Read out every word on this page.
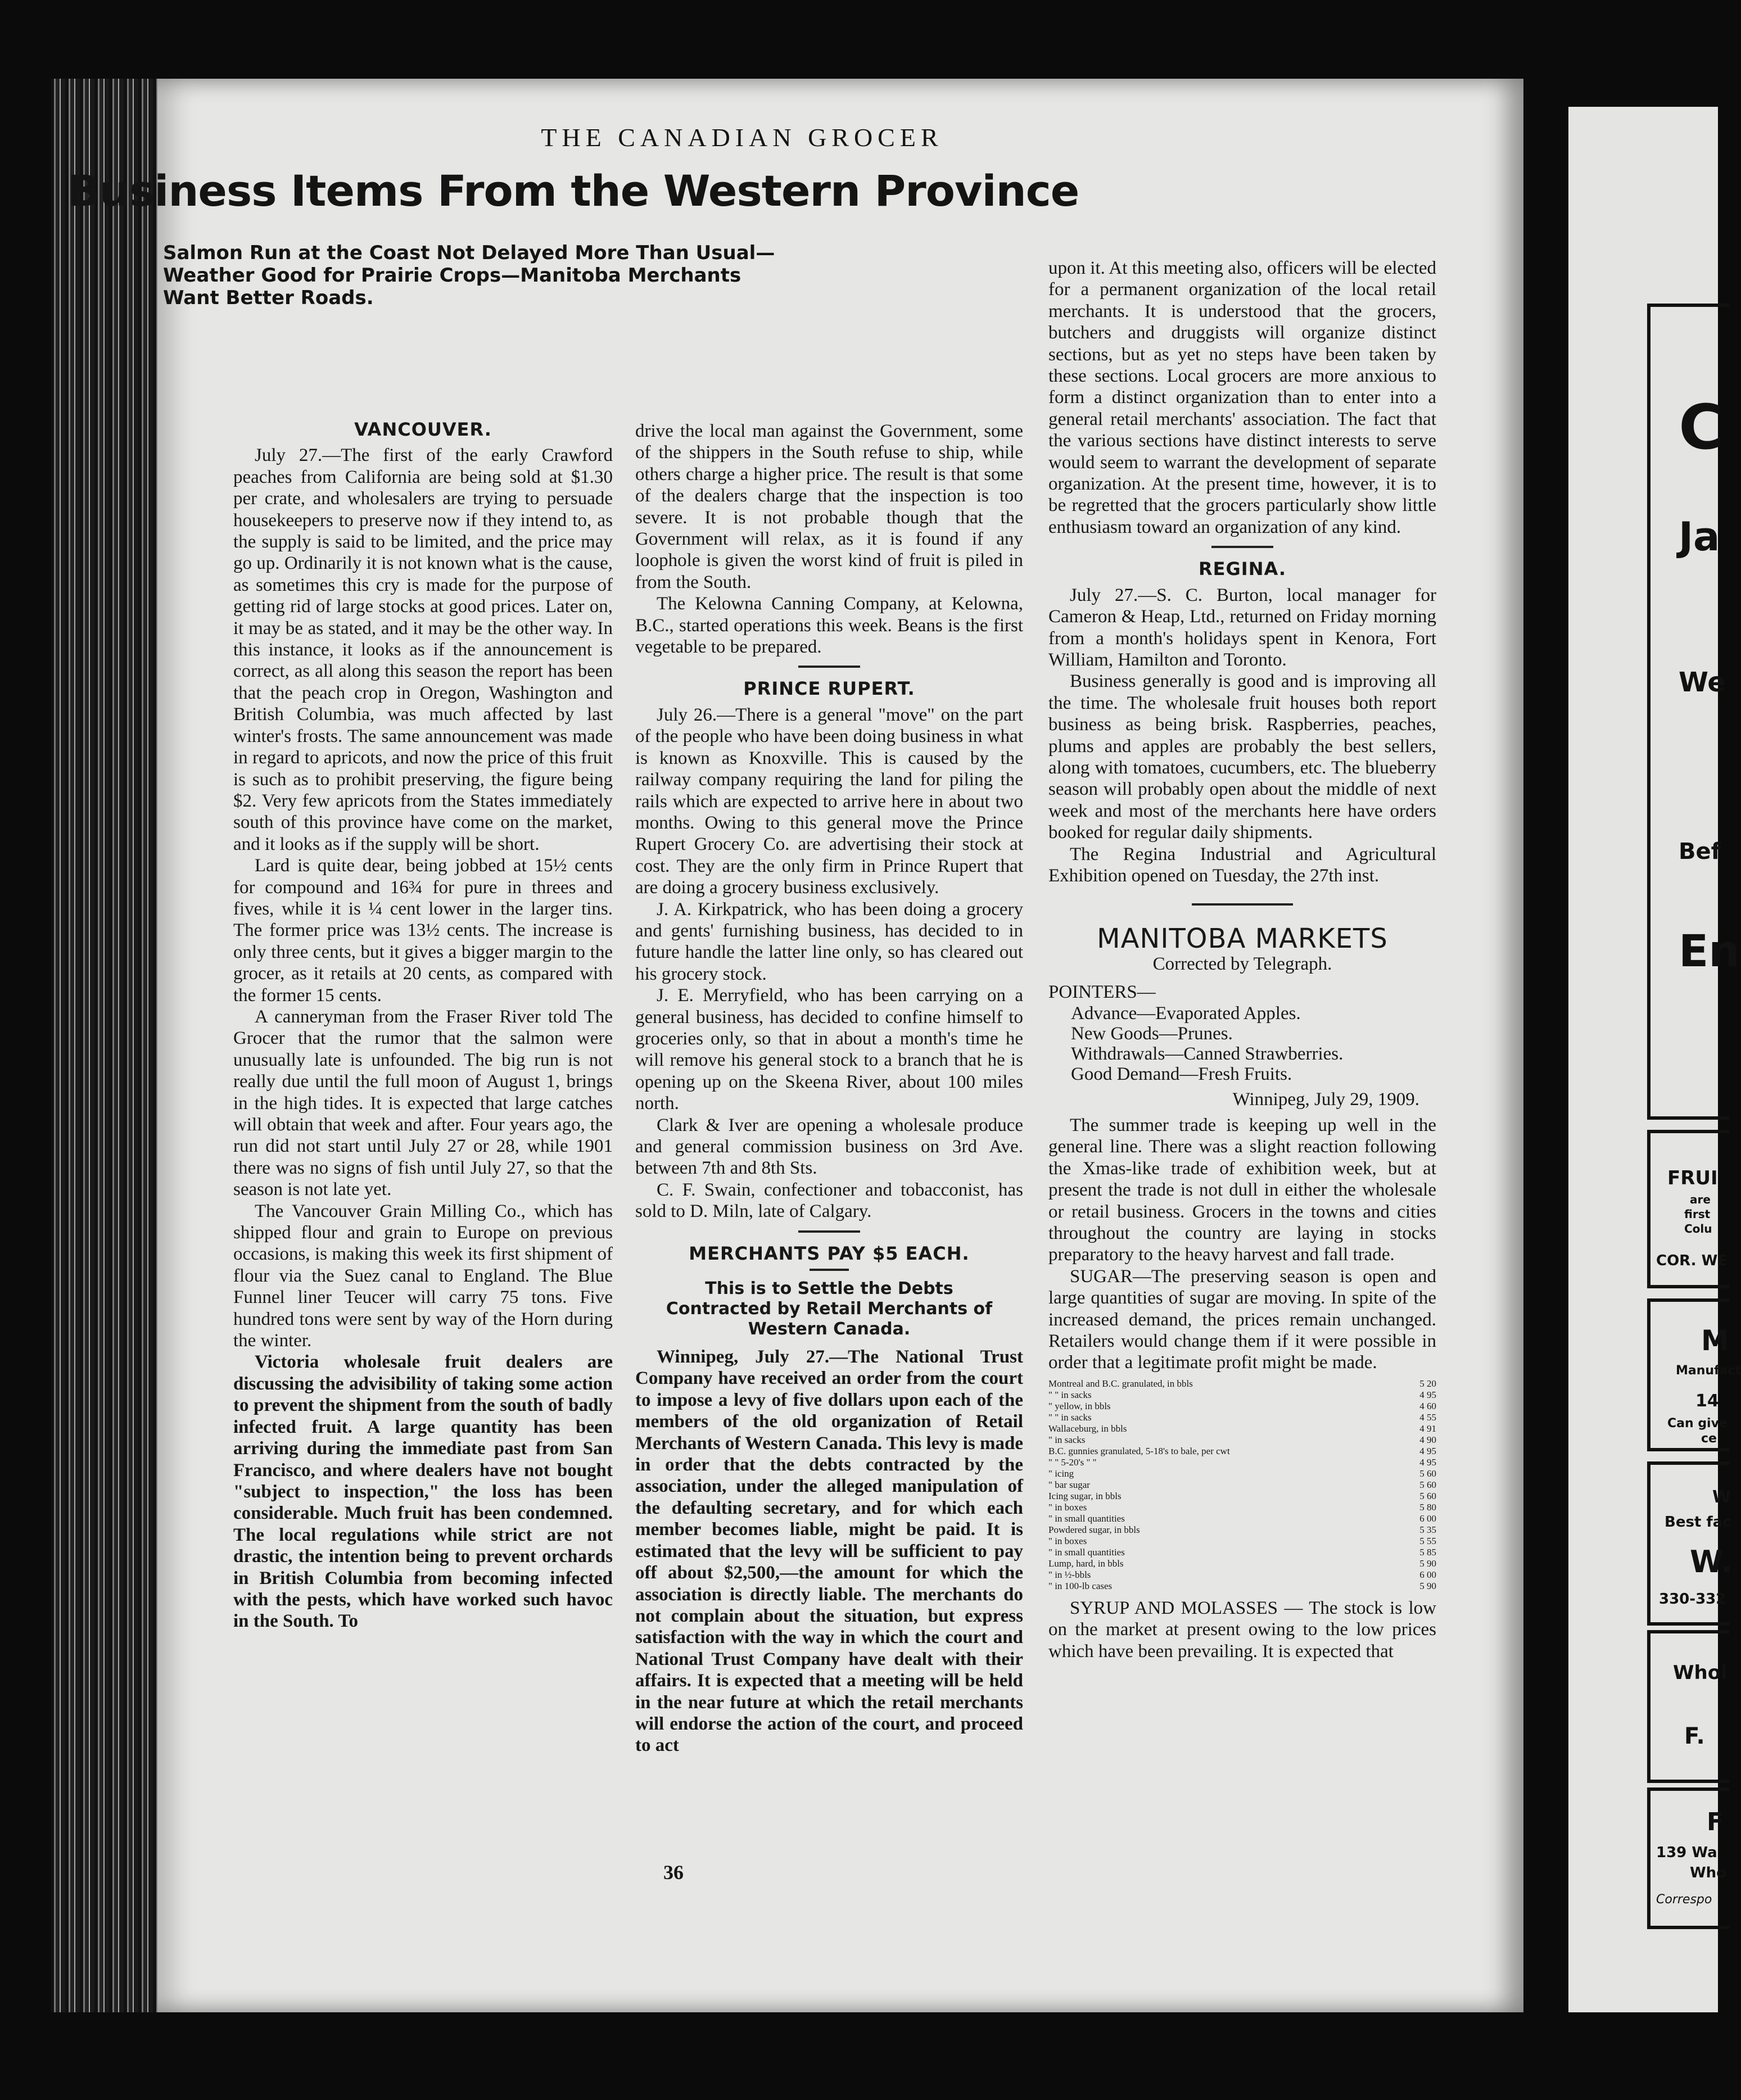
THE CANADIAN GROCER
Business Items From the Western Province
Salmon Run at the Coast Not Delayed More Than Usual—Weather Good for Prairie Crops—Manitoba Merchants Want Better Roads.
VANCOUVER.

July 27.—The first of the early Crawford peaches from California are being sold at $1.30 per crate, and wholesalers are trying to persuade housekeepers to preserve now if they intend to, as the supply is said to be limited, and the price may go up. Ordinarily it is not known what is the cause, as sometimes this cry is made for the purpose of getting rid of large stocks at good prices. Later on, it may be as stated, and it may be the other way. In this instance, it looks as if the announcement is correct, as all along this season the report has been that the peach crop in Oregon, Washington and British Columbia, was much affected by last winter's frosts. The same announcement was made in regard to apricots, and now the price of this fruit is such as to prohibit preserving, the figure being $2. Very few apricots from the States immediately south of this province have come on the market, and it looks as if the supply will be short.

Lard is quite dear, being jobbed at 15½ cents for compound and 16¾ for pure in threes and fives, while it is ¼ cent lower in the larger tins. The former price was 13½ cents. The increase is only three cents, but it gives a bigger margin to the grocer, as it retails at 20 cents, as compared with the former 15 cents.

A canneryman from the Fraser River told The Grocer that the rumor that the salmon were unusually late is unfounded. The big run is not really due until the full moon of August 1, brings in the high tides. It is expected that large catches will obtain that week and after. Four years ago, the run did not start until July 27 or 28, while 1901 there was no signs of fish until July 27, so that the season is not late yet.

The Vancouver Grain Milling Co., which has shipped flour and grain to Europe on previous occasions, is making this week its first shipment of flour via the Suez canal to England. The Blue Funnel liner Teucer will carry 75 tons. Five hundred tons were sent by way of the Horn during the winter.

Victoria wholesale fruit dealers are discussing the advisibility of taking some action to prevent the shipment from the south of badly infected fruit. A large quantity has been arriving during the immediate past from San Francisco, and where dealers have not bought "subject to inspection," the loss has been considerable. Much fruit has been condemned. The local regulations while strict are not drastic, the intention being to prevent orchards in British Columbia from becoming infected with the pests, which have worked such havoc in the South. To

drive the local man against the Government, some of the shippers in the South refuse to ship, while others charge a higher price. The result is that some of the dealers charge that the inspection is too severe. It is not probable though that the Government will relax, as it is found if any loophole is given the worst kind of fruit is piled in from the South.

The Kelowna Canning Company, at Kelowna, B.C., started operations this week. Beans is the first vegetable to be prepared.

PRINCE RUPERT.

July 26.—There is a general "move" on the part of the people who have been doing business in what is known as Knoxville. This is caused by the railway company requiring the land for piling the rails which are expected to arrive here in about two months. Owing to this general move the Prince Rupert Grocery Co. are advertising their stock at cost. They are the only firm in Prince Rupert that are doing a grocery business exclusively.

J. A. Kirkpatrick, who has been doing a grocery and gents' furnishing business, has decided to in future handle the latter line only, so has cleared out his grocery stock.

J. E. Merryfield, who has been carrying on a general business, has decided to confine himself to groceries only, so that in about a month's time he will remove his general stock to a branch that he is opening up on the Skeena River, about 100 miles north.

Clark & Iver are opening a wholesale produce and general commission business on 3rd Ave. between 7th and 8th Sts.

C. F. Swain, confectioner and tobacconist, has sold to D. Miln, late of Calgary.

MERCHANTS PAY $5 EACH.
This is to Settle the Debts Contracted by Retail Merchants of Western Canada.

Winnipeg, July 27.—The National Trust Company have received an order from the court to impose a levy of five dollars upon each of the members of the old organization of Retail Merchants of Western Canada. This levy is made in order that the debts contracted by the association, under the alleged manipulation of the defaulting secretary, and for which each member becomes liable, might be paid. It is estimated that the levy will be sufficient to pay off about $2,500,—the amount for which the association is directly liable. The merchants do not complain about the situation, but express satisfaction with the way in which the court and National Trust Company have dealt with their affairs. It is expected that a meeting will be held in the near future at which the retail merchants will endorse the action of the court, and proceed to act

upon it. At this meeting also, officers will be elected for a permanent organization of the local retail merchants. It is understood that the grocers, butchers and druggists will organize distinct sections, but as yet no steps have been taken by these sections. Local grocers are more anxious to form a distinct organization than to enter into a general retail merchants' association. The fact that the various sections have distinct interests to serve would seem to warrant the development of separate organization. At the present time, however, it is to be regretted that the grocers particularly show little enthusiasm toward an organization of any kind.

REGINA.

July 27.—S. C. Burton, local manager for Cameron & Heap, Ltd., returned on Friday morning from a month's holidays spent in Kenora, Fort William, Hamilton and Toronto.

Business generally is good and is improving all the time. The wholesale fruit houses both report business as being brisk. Raspberries, peaches, plums and apples are probably the best sellers, along with tomatoes, cucumbers, etc. The blueberry season will probably open about the middle of next week and most of the merchants here have orders booked for regular daily shipments.

The Regina Industrial and Agricultural Exhibition opened on Tuesday, the 27th inst.

MANITOBA MARKETS
Corrected by Telegraph.
POINTERS—
Advance—Evaporated Apples.
New Goods—Prunes.
Withdrawals—Canned Strawberries.
Good Demand—Fresh Fruits.
Winnipeg, July 29, 1909.

The summer trade is keeping up well in the general line. There was a slight reaction following the Xmas-like trade of exhibition week, but at present the trade is not dull in either the wholesale or retail business. Grocers in the towns and cities throughout the country are laying in stocks preparatory to the heavy harvest and fall trade.

SUGAR—The preserving season is open and large quantities of sugar are moving. In spite of the increased demand, the prices remain unchanged. Retailers would change them if it were possible in order that a legitimate profit might be made.

Montreal and B.C. granulated, in bbls	5 20
" " in sacks	4 95
" yellow, in bbls	4 60
" " in sacks	4 55
Wallaceburg, in bbls	4 91
" in sacks	4 90
B.C. gunnies granulated, 5-18's to bale, per cwt	4 95
" " 5-20's " "	4 95
" icing	5 60
" bar sugar	5 60
Icing sugar, in bbls	5 60
" in boxes	5 80
" in small quantities	6 00
Powdered sugar, in bbls	5 35
" in boxes	5 55
" in small quantities	5 85
Lump, hard, in bbls	5 90
" in ½-bbls	6 00
" in 100-lb cases	5 90

SYRUP AND MOLASSES — The stock is low on the market at present owing to the low prices which have been prevailing. It is expected that

36
C
Ja
We
Bef
En
FRUI
are
first
Colu
COR. WE
M
Manufact
14
Can give
ce
W
Best fac
W.
330-332
Whol
F.
F
139 Wa
Who
Correspo
